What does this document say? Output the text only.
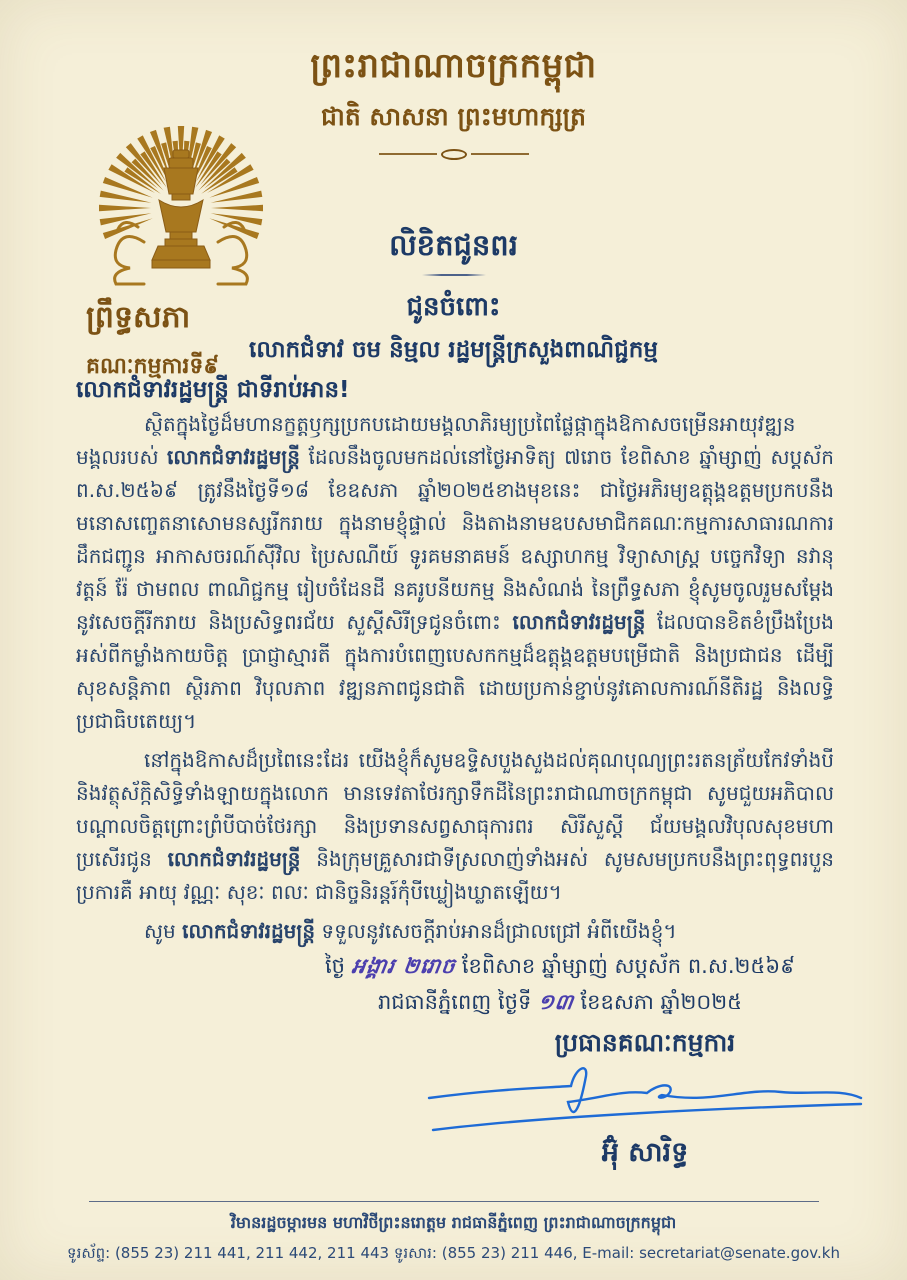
ព្រះរាជាណាចក្រកម្ពុជា
ជាតិ សាសនា ព្រះមហាក្សត្រ
ព្រឹទ្ធសភា
គណៈកម្មការទី៩
លិខិតជូនពរ
ជូនចំពោះ
លោកជំទាវ ចម និម្មល រដ្ឋមន្ត្រីក្រសួងពាណិជ្ជកម្ម
លោកជំទាវរដ្ឋមន្ត្រី ជាទីរាប់អាន!

ស្ថិតក្នុងថ្ងៃដ៏មហានក្ខត្តឫក្សប្រកបដោយមង្គលាភិរម្យប្រពៃផ្លែផ្កាក្នុងឱកាសចម្រើនអាយុវឌ្ឍនមង្គលរបស់ លោកជំទាវរដ្ឋមន្ត្រី ដែលនឹងចូលមកដល់នៅថ្ងៃអាទិត្យ ៧រោច ខែពិសាខ ឆ្នាំម្សាញ់ សប្ដស័ក ព.ស.២៥៦៩ ត្រូវនឹងថ្ងៃទី១៨ ខែឧសភា ឆ្នាំ២០២៥ខាងមុខនេះ ជាថ្ងៃអភិរម្យឧត្តុង្គឧត្តមប្រកបនឹងមនោសញ្ចេតនាសោមនស្សរីករាយ ក្នុងនាមខ្ញុំផ្ទាល់ និងតាងនាមឧបសមាជិកគណៈកម្មការសាធារណការ ដឹកជញ្ជូន អាកាសចរណ៍ស៊ីវិល ប្រៃសណីយ៍ ទូរគមនាគមន៍ ឧស្សាហកម្ម វិទ្យាសាស្ត្រ បច្ចេកវិទ្យា នវានុវត្តន៍ រ៉ែ ថាមពល ពាណិជ្ជកម្ម រៀបចំដែនដី នគរូបនីយកម្ម និងសំណង់ នៃព្រឹទ្ធសភា ខ្ញុំសូមចូលរួមសម្ដែងនូវសេចក្ដីរីករាយ និងប្រសិទ្ធពរជ័យ សួស្ដីសិរីទ្រជូនចំពោះ លោកជំទាវរដ្ឋមន្ត្រី ដែលបានខិតខំប្រឹងប្រែងអស់ពីកម្លាំងកាយចិត្ត ប្រាជ្ញាស្មារតី ក្នុងការបំពេញបេសកកម្មដ៏ឧត្តុង្គឧត្តមបម្រើជាតិ និងប្រជាជន ដើម្បីសុខសន្តិភាព ស្ថិរភាព វិបុលភាព វឌ្ឍនភាពជូនជាតិ ដោយប្រកាន់ខ្ជាប់នូវគោលការណ៍នីតិរដ្ឋ និងលទ្ធិប្រជាធិបតេយ្យ។

នៅក្នុងឱកាសដ៏ប្រពៃនេះដែរ យើងខ្ញុំក៏សូមឧទ្ទិសបួងសួងដល់គុណបុណ្យព្រះរតនត្រ័យកែវទាំងបី និងវត្ថុស័ក្កិសិទ្ធិទាំងឡាយក្នុងលោក មានទេវតាថែរក្សាទឹកដីនៃព្រះរាជាណាចក្រកម្ពុជា សូមជួយអភិបាលបណ្ដាលចិត្តព្រោះព្រំបីបាច់ថែរក្សា និងប្រទានសព្វសាធុការពរ សិរីសួស្ដី ជ័យមង្គលវិបុលសុខមហាប្រសើរជូន លោកជំទាវរដ្ឋមន្ត្រី និងក្រុមគ្រួសារជាទីស្រលាញ់ទាំងអស់ សូមសមប្រកបនឹងព្រះពុទ្ធពរបួនប្រការគឺ អាយុ វណ្ណៈ សុខៈ ពលៈ ជានិច្ចនិរន្តរ៍កុំបីឃ្លៀងឃ្លាតឡើយ។

សូម លោកជំទាវរដ្ឋមន្ត្រី ទទួលនូវសេចក្ដីរាប់អានដ៏ជ្រាលជ្រៅ អំពីយើងខ្ញុំ។

ថ្ងៃ អង្គារ ២រោច ខែពិសាខ ឆ្នាំម្សាញ់ សប្ដស័ក ព.ស.២៥៦៩
រាជធានីភ្នំពេញ ថ្ងៃទី ១៣ ខែឧសភា ឆ្នាំ២០២៥
ប្រធានគណៈកម្មការ
អ៊ុំ សារិទ្ធ
វិមានរដ្ឋចម្ការមន មហាវិថីព្រះនរោត្តម រាជធានីភ្នំពេញ ព្រះរាជាណាចក្រកម្ពុជា
ទូរស័ព្ទ: (855 23) 211 441, 211 442, 211 443 ទូរសារ: (855 23) 211 446, E-mail: secretariat@senate.gov.kh
